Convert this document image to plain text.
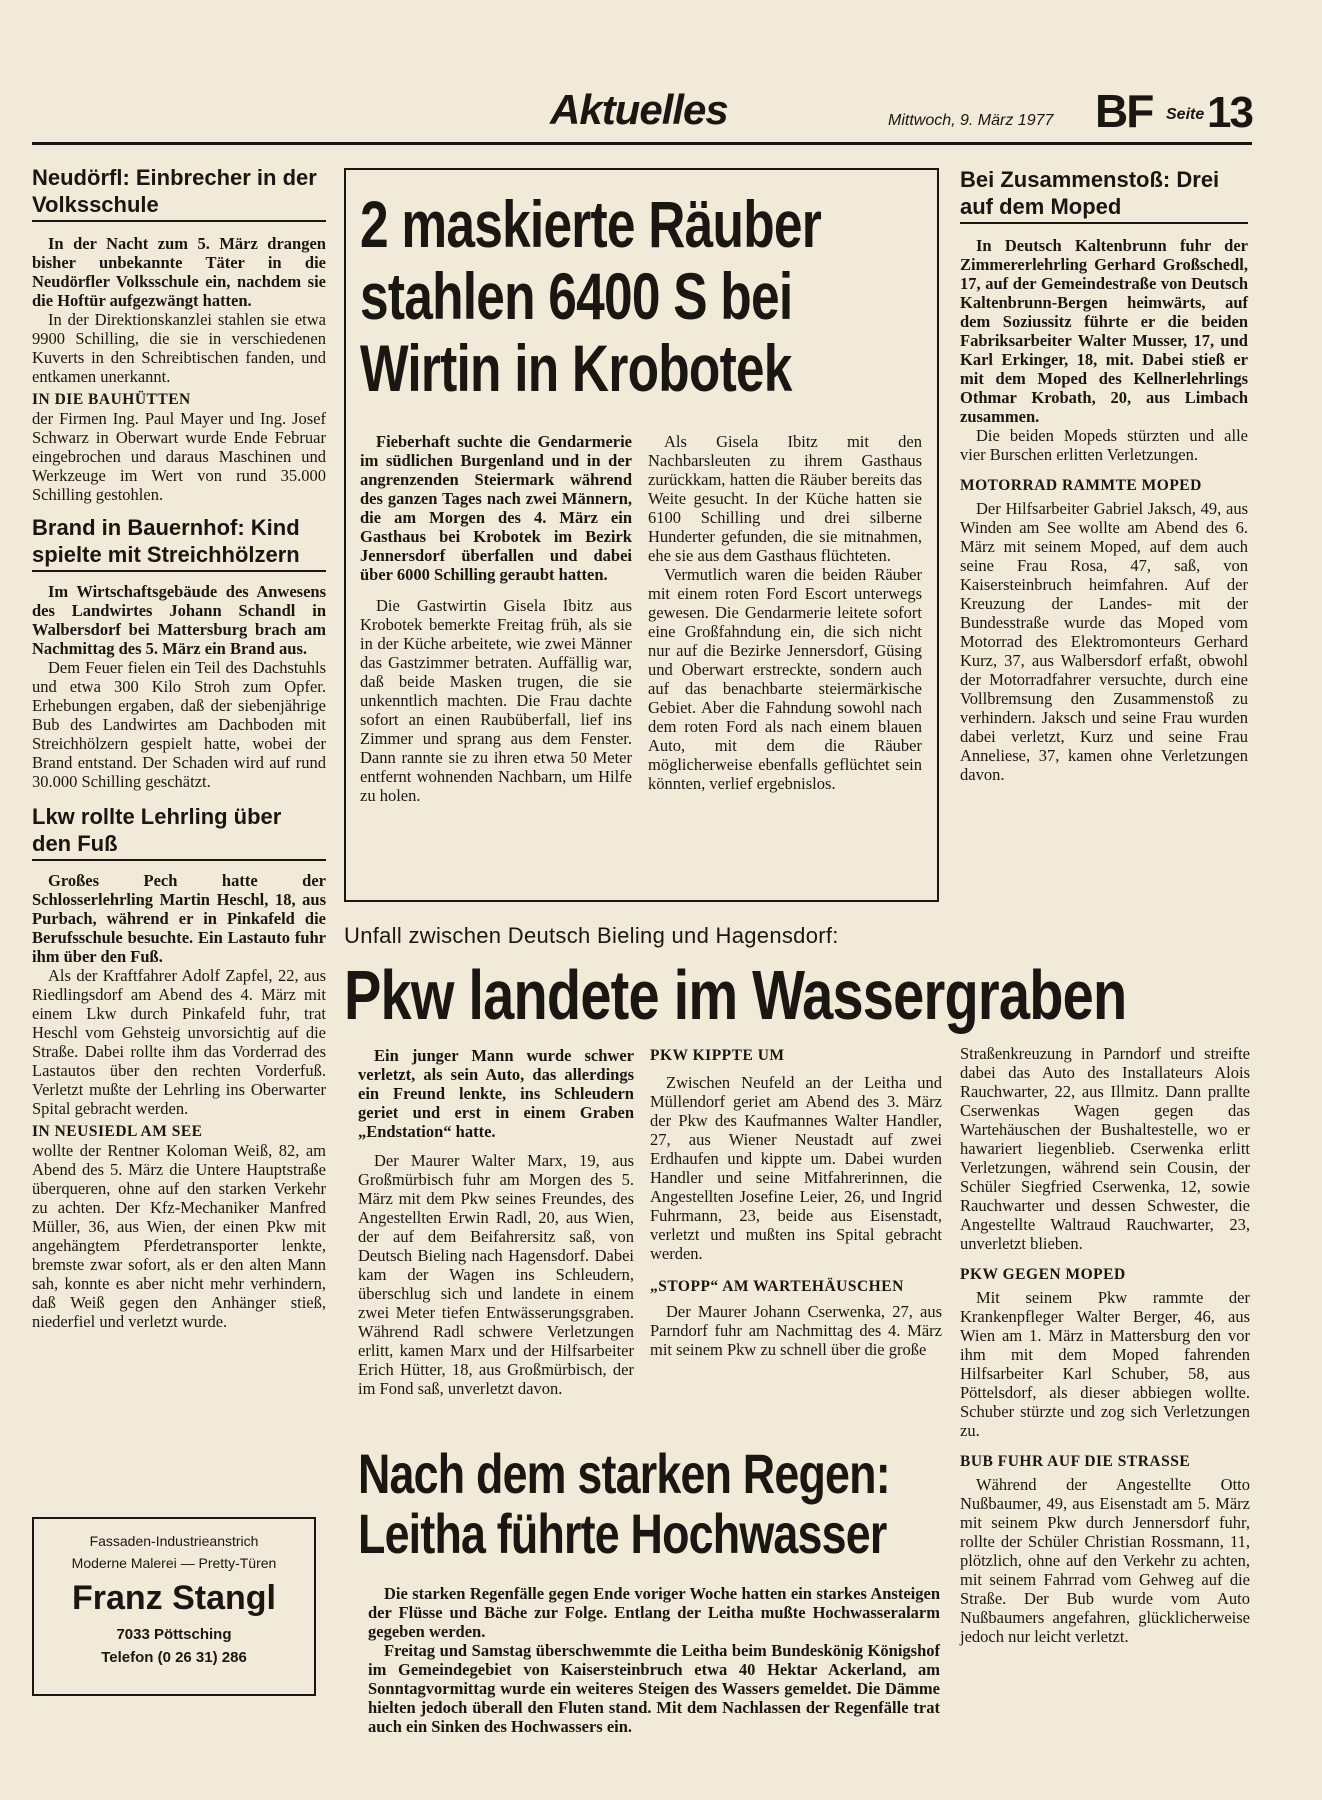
Aktuelles	Mittwoch, 9. März 1977 BF Seite 13
Neudörfl: Einbrecher in der Volksschule

In der Nacht zum 5. März drangen bisher unbekannte Täter in die Neudörfler Volksschule ein, nachdem sie die Hoftür aufgezwängt hatten.

In der Direktionskanzlei stahlen sie etwa 9900 Schilling, die sie in verschiedenen Kuverts in den Schreibtischen fanden, und entkamen unerkannt.

IN DIE BAUHÜTTEN

der Firmen Ing. Paul Mayer und Ing. Josef Schwarz in Oberwart wurde Ende Februar eingebrochen und daraus Maschinen und Werkzeuge im Wert von rund 35.000 Schilling gestohlen.

Brand in Bauernhof: Kind spielte mit Streichhölzern

Im Wirtschaftsgebäude des Anwesens des Landwirtes Johann Schandl in Walbersdorf bei Mattersburg brach am Nachmittag des 5. März ein Brand aus.

Dem Feuer fielen ein Teil des Dachstuhls und etwa 300 Kilo Stroh zum Opfer. Erhebungen ergaben, daß der siebenjährige Bub des Landwirtes am Dachboden mit Streichhölzern gespielt hatte, wobei der Brand entstand. Der Schaden wird auf rund 30.000 Schilling geschätzt.

Lkw rollte Lehrling über den Fuß

Großes Pech hatte der Schlosserlehrling Martin Heschl, 18, aus Purbach, während er in Pinkafeld die Berufsschule besuchte. Ein Lastauto fuhr ihm über den Fuß.

Als der Kraftfahrer Adolf Zapfel, 22, aus Riedlingsdorf am Abend des 4. März mit einem Lkw durch Pinkafeld fuhr, trat Heschl vom Gehsteig unvorsichtig auf die Straße. Dabei rollte ihm das Vorderrad des Lastautos über den rechten Vorderfuß. Verletzt mußte der Lehrling ins Oberwarter Spital gebracht werden.

IN NEUSIEDL AM SEE

wollte der Rentner Koloman Weiß, 82, am Abend des 5. März die Untere Hauptstraße überqueren, ohne auf den starken Verkehr zu achten. Der Kfz-Mechaniker Manfred Müller, 36, aus Wien, der einen Pkw mit angehängtem Pferdetransporter lenkte, bremste zwar sofort, als er den alten Mann sah, konnte es aber nicht mehr verhindern, daß Weiß gegen den Anhänger stieß, niederfiel und verletzt wurde.

Fassaden-Industrieanstrich
Moderne Malerei — Pretty-Türen
Franz Stangl
7033 Pöttsching
Telefon (0 26 31) 286
2 maskierte Räuber
stahlen 6400 S bei
Wirtin in Krobotek

Fieberhaft suchte die Gendarmerie im südlichen Burgenland und in der angrenzenden Steiermark während des ganzen Tages nach zwei Männern, die am Morgen des 4. März ein Gasthaus bei Krobotek im Bezirk Jennersdorf überfallen und dabei über 6000 Schilling geraubt hatten.

Die Gastwirtin Gisela Ibitz aus Krobotek bemerkte Freitag früh, als sie in der Küche arbeitete, wie zwei Männer das Gastzimmer betraten. Auffällig war, daß beide Masken trugen, die sie unkenntlich machten. Die Frau dachte sofort an einen Raubüberfall, lief ins Zimmer und sprang aus dem Fenster. Dann rannte sie zu ihren etwa 50 Meter entfernt wohnenden Nachbarn, um Hilfe zu holen.

Als Gisela Ibitz mit den Nachbarsleuten zu ihrem Gasthaus zurückkam, hatten die Räuber bereits das Weite gesucht. In der Küche hatten sie 6100 Schilling und drei silberne Hunderter gefunden, die sie mitnahmen, ehe sie aus dem Gasthaus flüchteten.

Vermutlich waren die beiden Räuber mit einem roten Ford Escort unterwegs gewesen. Die Gendarmerie leitete sofort eine Großfahndung ein, die sich nicht nur auf die Bezirke Jennersdorf, Güsing und Oberwart erstreckte, sondern auch auf das benachbarte steiermärkische Gebiet. Aber die Fahndung sowohl nach dem roten Ford als nach einem blauen Auto, mit dem die Räuber möglicherweise ebenfalls geflüchtet sein könnten, verlief ergebnislos.

Bei Zusammenstoß: Drei auf dem Moped

In Deutsch Kaltenbrunn fuhr der Zimmererlehrling Gerhard Großschedl, 17, auf der Gemeindestraße von Deutsch Kaltenbrunn-Bergen heimwärts, auf dem Soziussitz führte er die beiden Fabriksarbeiter Walter Musser, 17, und Karl Erkinger, 18, mit. Dabei stieß er mit dem Moped des Kellnerlehrlings Othmar Krobath, 20, aus Limbach zusammen.

Die beiden Mopeds stürzten und alle vier Burschen erlitten Verletzungen.

MOTORRAD RAMMTE MOPED

Der Hilfsarbeiter Gabriel Jaksch, 49, aus Winden am See wollte am Abend des 6. März mit seinem Moped, auf dem auch seine Frau Rosa, 47, saß, von Kaisersteinbruch heimfahren. Auf der Kreuzung der Landes- mit der Bundesstraße wurde das Moped vom Motorrad des Elektromonteurs Gerhard Kurz, 37, aus Walbersdorf erfaßt, obwohl der Motorradfahrer versuchte, durch eine Vollbremsung den Zusammenstoß zu verhindern. Jaksch und seine Frau wurden dabei verletzt, Kurz und seine Frau Anneliese, 37, kamen ohne Verletzungen davon.

Unfall zwischen Deutsch Bieling und Hagensdorf:
Pkw landete im Wassergraben

Ein junger Mann wurde schwer verletzt, als sein Auto, das allerdings ein Freund lenkte, ins Schleudern geriet und erst in einem Graben „Endstation“ hatte.

Der Maurer Walter Marx, 19, aus Großmürbisch fuhr am Morgen des 5. März mit dem Pkw seines Freundes, des Angestellten Erwin Radl, 20, aus Wien, der auf dem Beifahrersitz saß, von Deutsch Bieling nach Hagensdorf. Dabei kam der Wagen ins Schleudern, überschlug sich und landete in einem zwei Meter tiefen Entwässerungsgraben. Während Radl schwere Verletzungen erlitt, kamen Marx und der Hilfsarbeiter Erich Hütter, 18, aus Großmürbisch, der im Fond saß, unverletzt davon.

PKW KIPPTE UM

Zwischen Neufeld an der Leitha und Müllendorf geriet am Abend des 3. März der Pkw des Kaufmannes Walter Handler, 27, aus Wiener Neustadt auf zwei Erdhaufen und kippte um. Dabei wurden Handler und seine Mitfahrerinnen, die Angestellten Josefine Leier, 26, und Ingrid Fuhrmann, 23, beide aus Eisenstadt, verletzt und mußten ins Spital gebracht werden.

„STOPP“ AM WARTEHÄUSCHEN

Der Maurer Johann Cserwenka, 27, aus Parndorf fuhr am Nachmittag des 4. März mit seinem Pkw zu schnell über die große

Straßenkreuzung in Parndorf und streifte dabei das Auto des Installateurs Alois Rauchwarter, 22, aus Illmitz. Dann prallte Cserwenkas Wagen gegen das Wartehäuschen der Bushaltestelle, wo er hawariert liegenblieb. Cserwenka erlitt Verletzungen, während sein Cousin, der Schüler Siegfried Cserwenka, 12, sowie Rauchwarter und dessen Schwester, die Angestellte Waltraud Rauchwarter, 23, unverletzt blieben.

PKW GEGEN MOPED

Mit seinem Pkw rammte der Krankenpfleger Walter Berger, 46, aus Wien am 1. März in Mattersburg den vor ihm mit dem Moped fahrenden Hilfsarbeiter Karl Schuber, 58, aus Pöttelsdorf, als dieser abbiegen wollte. Schuber stürzte und zog sich Verletzungen zu.

BUB FUHR AUF DIE STRASSE

Während der Angestellte Otto Nußbaumer, 49, aus Eisenstadt am 5. März mit seinem Pkw durch Jennersdorf fuhr, rollte der Schüler Christian Rossmann, 11, plötzlich, ohne auf den Verkehr zu achten, mit seinem Fahrrad vom Gehweg auf die Straße. Der Bub wurde vom Auto Nußbaumers angefahren, glücklicherweise jedoch nur leicht verletzt.

Nach dem starken Regen:
Leitha führte Hochwasser

Die starken Regenfälle gegen Ende voriger Woche hatten ein starkes Ansteigen der Flüsse und Bäche zur Folge. Entlang der Leitha mußte Hochwasseralarm gegeben werden.

Freitag und Samstag überschwemmte die Leitha beim Bundeskönig Königshof im Gemeindegebiet von Kaisersteinbruch etwa 40 Hektar Ackerland, am Sonntagvormittag wurde ein weiteres Steigen des Wassers gemeldet. Die Dämme hielten jedoch überall den Fluten stand. Mit dem Nachlassen der Regenfälle trat auch ein Sinken des Hochwassers ein.
